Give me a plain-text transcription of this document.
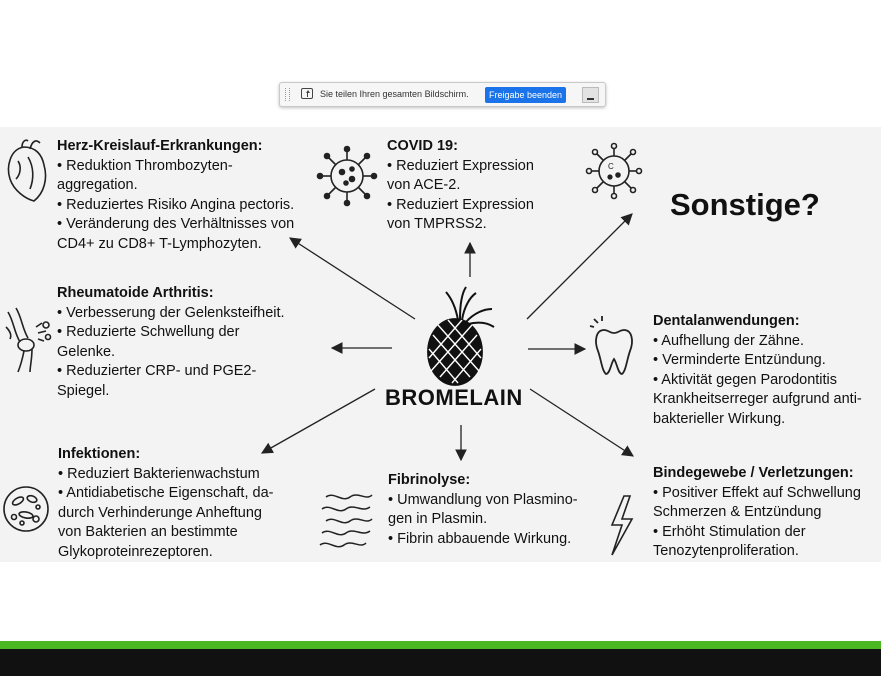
Sie teilen Ihren gesamten Bildschirm.	Freigabe beenden
C
Herz-Kreislauf-Erkrankungen:
• Reduktion Thrombozyten-
aggregation.
• Reduziertes Risiko Angina pectoris.
• Veränderung des Verhältnisses von
CD4+ zu CD8+ T-Lymphozyten.
COVID 19:
• Reduziert Expression
von ACE-2.
• Reduziert Expression
von TMPRSS2.
Sonstige?
Rheumatoide Arthritis:
• Verbesserung der Gelenksteifheit.
• Reduzierte Schwellung der
Gelenke.
• Reduzierter CRP- und PGE2-
Spiegel.	BROMELAIN
Dentalanwendungen:
• Aufhellung der Zähne.
• Verminderte Entzündung.
• Aktivität gegen Parodontitis
Krankheitserreger aufgrund anti-
bakterieller Wirkung.
Infektionen:
• Reduziert Bakterienwachstum
• Antidiabetische Eigenschaft, da-
durch Verhinderunge Anheftung
von Bakterien an bestimmte
Glykoproteinrezeptoren.
Fibrinolyse:
• Umwandlung von Plasmino-
gen in Plasmin.
• Fibrin abbauende Wirkung.
Bindegewebe / Verletzungen:
• Positiver Effekt auf Schwellung
Schmerzen & Entzündung
• Erhöht Stimulation der
Tenozytenproliferation.
